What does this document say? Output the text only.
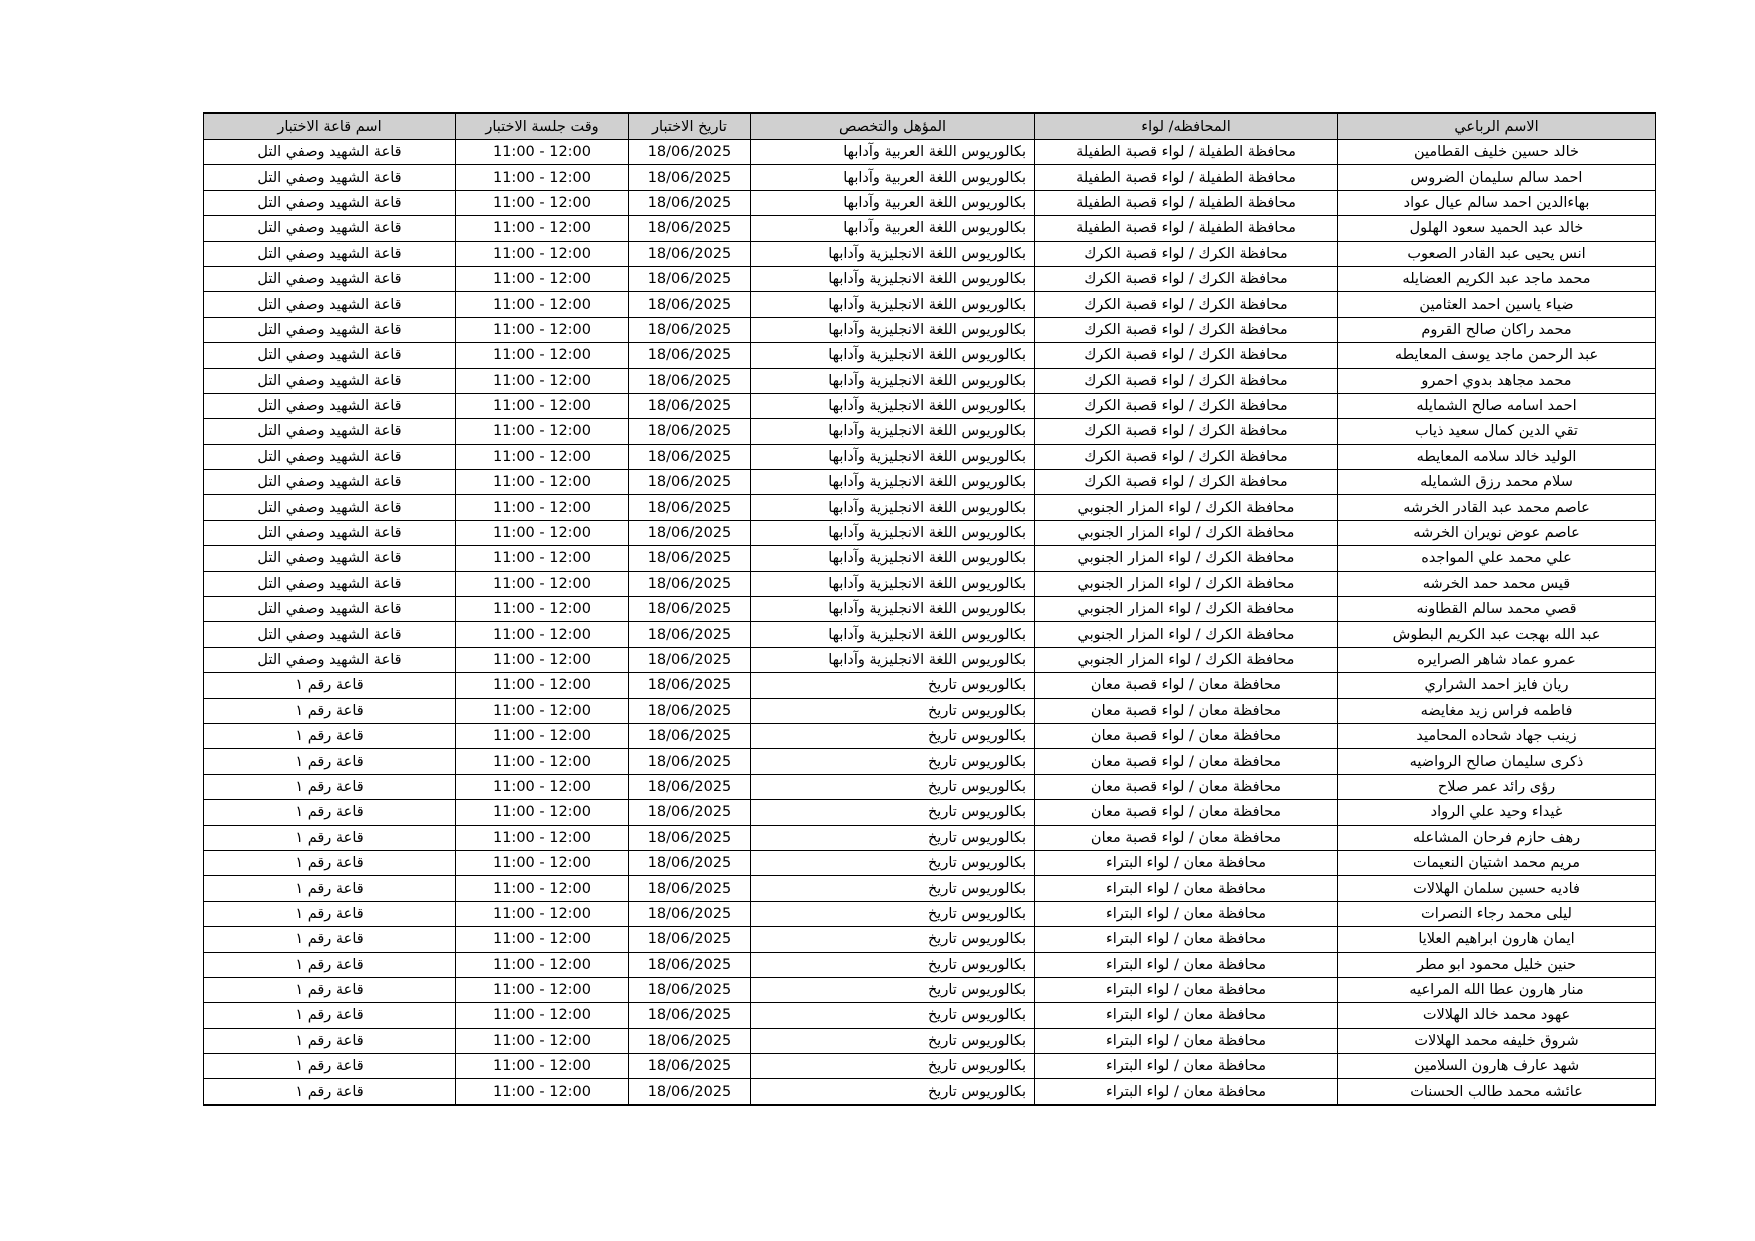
الاسم الرباعي	المحافظه/ لواء	المؤهل والتخصص	تاريخ الاختبار	وقت جلسة الاختبار	اسم قاعة الاختبار
خالد حسين خليف القطامين	محافظة الطفيلة / لواء قصبة الطفيلة	بكالوريوس اللغة العربية وآدابها	18/06/2025	11:00 - 12:00	قاعة الشهيد وصفي التل
احمد سالم سليمان الضروس	محافظة الطفيلة / لواء قصبة الطفيلة	بكالوريوس اللغة العربية وآدابها	18/06/2025	11:00 - 12:00	قاعة الشهيد وصفي التل
بهاءالدين احمد سالم عيال عواد	محافظة الطفيلة / لواء قصبة الطفيلة	بكالوريوس اللغة العربية وآدابها	18/06/2025	11:00 - 12:00	قاعة الشهيد وصفي التل
خالد عبد الحميد سعود الهلول	محافظة الطفيلة / لواء قصبة الطفيلة	بكالوريوس اللغة العربية وآدابها	18/06/2025	11:00 - 12:00	قاعة الشهيد وصفي التل
انس يحيى عبد القادر الصعوب	محافظة الكرك / لواء قصبة الكرك	بكالوريوس اللغة الانجليزية وآدابها	18/06/2025	11:00 - 12:00	قاعة الشهيد وصفي التل
محمد ماجد عبد الكريم العضايله	محافظة الكرك / لواء قصبة الكرك	بكالوريوس اللغة الانجليزية وآدابها	18/06/2025	11:00 - 12:00	قاعة الشهيد وصفي التل
ضياء ياسين احمد العثامين	محافظة الكرك / لواء قصبة الكرك	بكالوريوس اللغة الانجليزية وآدابها	18/06/2025	11:00 - 12:00	قاعة الشهيد وصفي التل
محمد راكان صالح القروم	محافظة الكرك / لواء قصبة الكرك	بكالوريوس اللغة الانجليزية وآدابها	18/06/2025	11:00 - 12:00	قاعة الشهيد وصفي التل
عبد الرحمن ماجد يوسف المعايطه	محافظة الكرك / لواء قصبة الكرك	بكالوريوس اللغة الانجليزية وآدابها	18/06/2025	11:00 - 12:00	قاعة الشهيد وصفي التل
محمد مجاهد بدوي احمرو	محافظة الكرك / لواء قصبة الكرك	بكالوريوس اللغة الانجليزية وآدابها	18/06/2025	11:00 - 12:00	قاعة الشهيد وصفي التل
احمد اسامه صالح الشمايله	محافظة الكرك / لواء قصبة الكرك	بكالوريوس اللغة الانجليزية وآدابها	18/06/2025	11:00 - 12:00	قاعة الشهيد وصفي التل
تقي الدين كمال سعيد ذياب	محافظة الكرك / لواء قصبة الكرك	بكالوريوس اللغة الانجليزية وآدابها	18/06/2025	11:00 - 12:00	قاعة الشهيد وصفي التل
الوليد خالد سلامه المعايطه	محافظة الكرك / لواء قصبة الكرك	بكالوريوس اللغة الانجليزية وآدابها	18/06/2025	11:00 - 12:00	قاعة الشهيد وصفي التل
سلام محمد رزق الشمايله	محافظة الكرك / لواء قصبة الكرك	بكالوريوس اللغة الانجليزية وآدابها	18/06/2025	11:00 - 12:00	قاعة الشهيد وصفي التل
عاصم محمد عبد القادر الخرشه	محافظة الكرك / لواء المزار الجنوبي	بكالوريوس اللغة الانجليزية وآدابها	18/06/2025	11:00 - 12:00	قاعة الشهيد وصفي التل
عاصم عوض نويران الخرشه	محافظة الكرك / لواء المزار الجنوبي	بكالوريوس اللغة الانجليزية وآدابها	18/06/2025	11:00 - 12:00	قاعة الشهيد وصفي التل
علي محمد علي المواجده	محافظة الكرك / لواء المزار الجنوبي	بكالوريوس اللغة الانجليزية وآدابها	18/06/2025	11:00 - 12:00	قاعة الشهيد وصفي التل
قيس محمد حمد الخرشه	محافظة الكرك / لواء المزار الجنوبي	بكالوريوس اللغة الانجليزية وآدابها	18/06/2025	11:00 - 12:00	قاعة الشهيد وصفي التل
قصي محمد سالم القطاونه	محافظة الكرك / لواء المزار الجنوبي	بكالوريوس اللغة الانجليزية وآدابها	18/06/2025	11:00 - 12:00	قاعة الشهيد وصفي التل
عبد الله بهجت عبد الكريم البطوش	محافظة الكرك / لواء المزار الجنوبي	بكالوريوس اللغة الانجليزية وآدابها	18/06/2025	11:00 - 12:00	قاعة الشهيد وصفي التل
عمرو عماد شاهر الصرايره	محافظة الكرك / لواء المزار الجنوبي	بكالوريوس اللغة الانجليزية وآدابها	18/06/2025	11:00 - 12:00	قاعة الشهيد وصفي التل
ريان فايز احمد الشراري	محافظة معان / لواء قصبة معان	بكالوريوس تاريخ	18/06/2025	11:00 - 12:00	قاعة رقم ١
فاطمه فراس زيد مغايضه	محافظة معان / لواء قصبة معان	بكالوريوس تاريخ	18/06/2025	11:00 - 12:00	قاعة رقم ١
زينب جهاد شحاده المحاميد	محافظة معان / لواء قصبة معان	بكالوريوس تاريخ	18/06/2025	11:00 - 12:00	قاعة رقم ١
ذكرى سليمان صالح الرواضيه	محافظة معان / لواء قصبة معان	بكالوريوس تاريخ	18/06/2025	11:00 - 12:00	قاعة رقم ١
رؤى رائد عمر صلاح	محافظة معان / لواء قصبة معان	بكالوريوس تاريخ	18/06/2025	11:00 - 12:00	قاعة رقم ١
غيداء وحيد علي الرواد	محافظة معان / لواء قصبة معان	بكالوريوس تاريخ	18/06/2025	11:00 - 12:00	قاعة رقم ١
رهف حازم فرحان المشاعله	محافظة معان / لواء قصبة معان	بكالوريوس تاريخ	18/06/2025	11:00 - 12:00	قاعة رقم ١
مريم محمد اشتيان النعيمات	محافظة معان / لواء البتراء	بكالوريوس تاريخ	18/06/2025	11:00 - 12:00	قاعة رقم ١
فاديه حسين سلمان الهلالات	محافظة معان / لواء البتراء	بكالوريوس تاريخ	18/06/2025	11:00 - 12:00	قاعة رقم ١
ليلى محمد رجاء النصرات	محافظة معان / لواء البتراء	بكالوريوس تاريخ	18/06/2025	11:00 - 12:00	قاعة رقم ١
ايمان هارون ابراهيم العلايا	محافظة معان / لواء البتراء	بكالوريوس تاريخ	18/06/2025	11:00 - 12:00	قاعة رقم ١
حنين خليل محمود ابو مطر	محافظة معان / لواء البتراء	بكالوريوس تاريخ	18/06/2025	11:00 - 12:00	قاعة رقم ١
منار هارون عطا الله المراعيه	محافظة معان / لواء البتراء	بكالوريوس تاريخ	18/06/2025	11:00 - 12:00	قاعة رقم ١
عهود محمد خالد الهلالات	محافظة معان / لواء البتراء	بكالوريوس تاريخ	18/06/2025	11:00 - 12:00	قاعة رقم ١
شروق خليفه محمد الهلالات	محافظة معان / لواء البتراء	بكالوريوس تاريخ	18/06/2025	11:00 - 12:00	قاعة رقم ١
شهد عارف هارون السلامين	محافظة معان / لواء البتراء	بكالوريوس تاريخ	18/06/2025	11:00 - 12:00	قاعة رقم ١
عائشه محمد طالب الحسنات	محافظة معان / لواء البتراء	بكالوريوس تاريخ	18/06/2025	11:00 - 12:00	قاعة رقم ١
